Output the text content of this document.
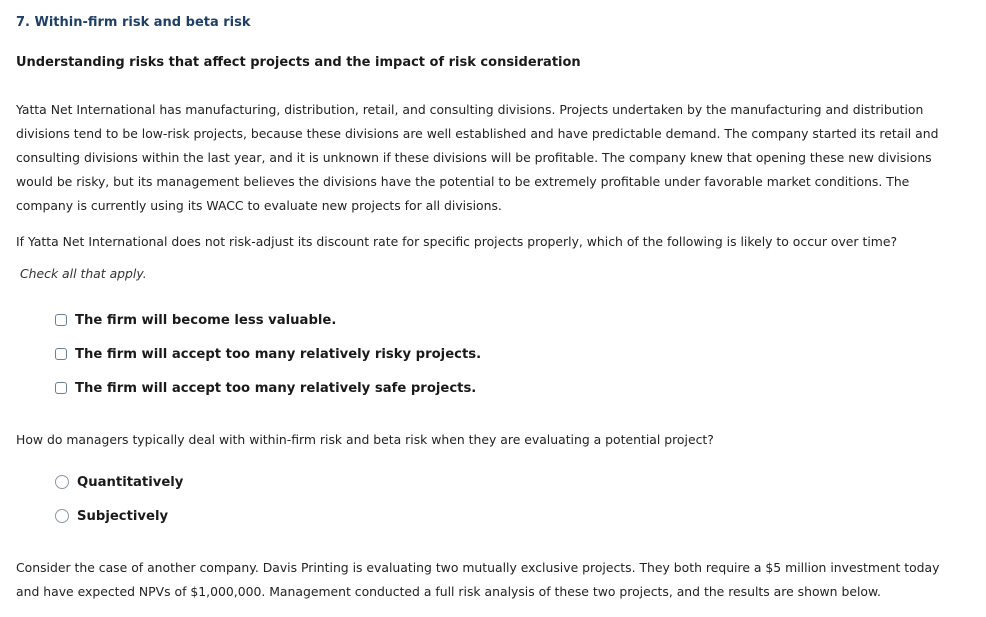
7. Within-firm risk and beta risk
Understanding risks that affect projects and the impact of risk consideration
Yatta Net International has manufacturing, distribution, retail, and consulting divisions. Projects undertaken by the manufacturing and distribution
divisions tend to be low-risk projects, because these divisions are well established and have predictable demand. The company started its retail and
consulting divisions within the last year, and it is unknown if these divisions will be profitable. The company knew that opening these new divisions
would be risky, but its management believes the divisions have the potential to be extremely profitable under favorable market conditions. The
company is currently using its WACC to evaluate new projects for all divisions.
If Yatta Net International does not risk-adjust its discount rate for specific projects properly, which of the following is likely to occur over time?
Check all that apply.
The firm will become less valuable.
The firm will accept too many relatively risky projects.
The firm will accept too many relatively safe projects.
How do managers typically deal with within-firm risk and beta risk when they are evaluating a potential project?
Quantitatively
Subjectively
Consider the case of another company. Davis Printing is evaluating two mutually exclusive projects. They both require a $5 million investment today
and have expected NPVs of $1,000,000. Management conducted a full risk analysis of these two projects, and the results are shown below.
